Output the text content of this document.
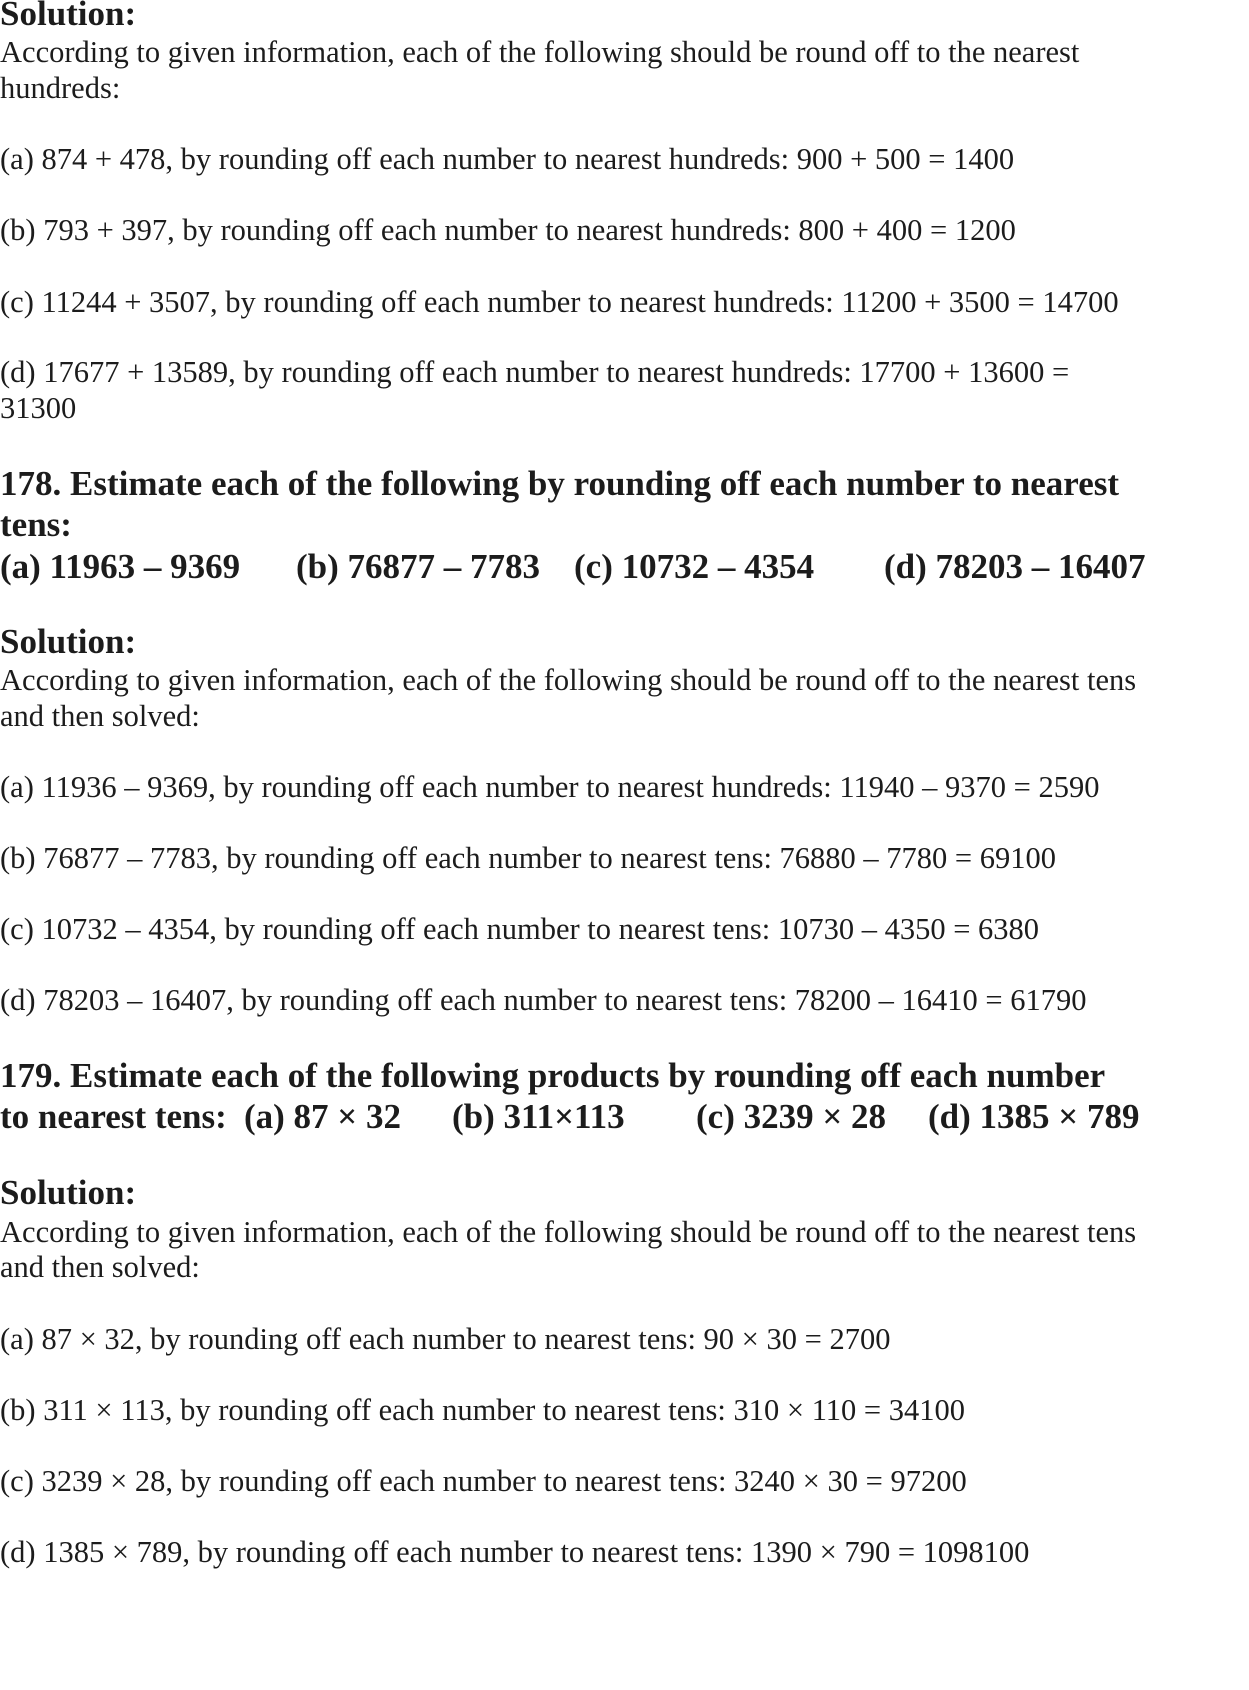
Solution:
According to given information, each of the following should be round off to the nearest
hundreds:
(a) 874 + 478, by rounding off each number to nearest hundreds: 900 + 500 = 1400
(b) 793 + 397, by rounding off each number to nearest hundreds: 800 + 400 = 1200
(c) 11244 + 3507, by rounding off each number to nearest hundreds: 11200 + 3500 = 14700
(d) 17677 + 13589, by rounding off each number to nearest hundreds: 17700 + 13600 =
31300
178. Estimate each of the following by rounding off each number to nearest
tens:
(a) 11963 – 9369 (b) 76877 – 7783 (c) 10732 – 4354 (d) 78203 – 16407
Solution:
According to given information, each of the following should be round off to the nearest tens
and then solved:
(a) 11936 – 9369, by rounding off each number to nearest hundreds: 11940 – 9370 = 2590
(b) 76877 – 7783, by rounding off each number to nearest tens: 76880 – 7780 = 69100
(c) 10732 – 4354, by rounding off each number to nearest tens: 10730 – 4350 = 6380
(d) 78203 – 16407, by rounding off each number to nearest tens: 78200 – 16410 = 61790
179. Estimate each of the following products by rounding off each number
to nearest tens: (a) 87 × 32 (b) 311×113 (c) 3239 × 28 (d) 1385 × 789
Solution:
According to given information, each of the following should be round off to the nearest tens
and then solved:
(a) 87 × 32, by rounding off each number to nearest tens: 90 × 30 = 2700
(b) 311 × 113, by rounding off each number to nearest tens: 310 × 110 = 34100
(c) 3239 × 28, by rounding off each number to nearest tens: 3240 × 30 = 97200
(d) 1385 × 789, by rounding off each number to nearest tens: 1390 × 790 = 1098100
